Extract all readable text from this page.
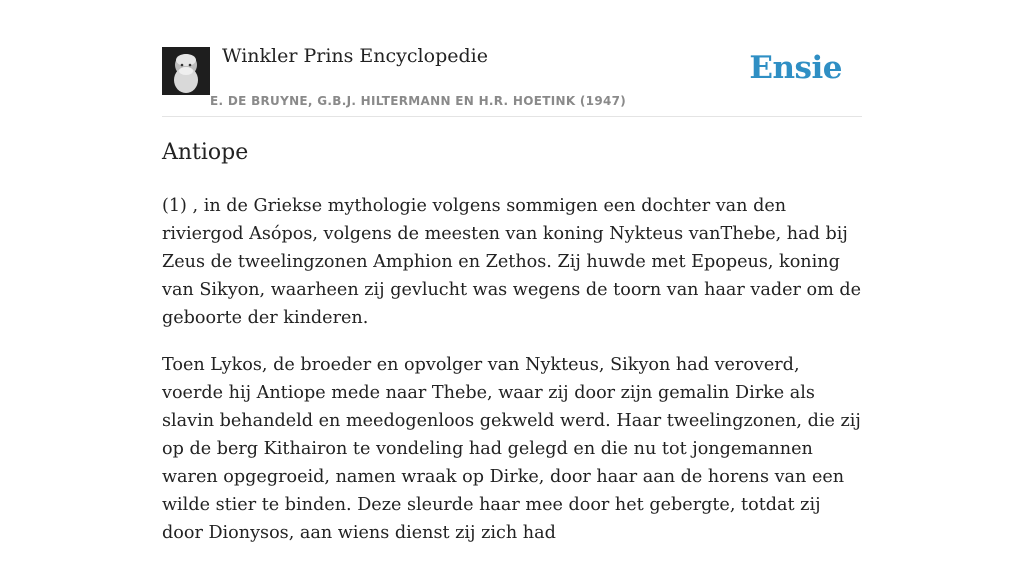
Winkler Prins Encyclopedie
E. DE BRUYNE, G.B.J. HILTERMANN EN H.R. HOETINK (1947)
Ensie
Antiope

(1) , in de Griekse mythologie volgens sommigen een dochter van den riviergod Asópos, volgens de meesten van koning Nykteus vanThebe, had bij Zeus de tweelingzonen Amphion en Zethos. Zij huwde met Epopeus, koning van Sikyon, waarheen zij gevlucht was wegens de toorn van haar vader om de geboorte der kinderen.

Toen Lykos, de broeder en opvolger van Nykteus, Sikyon had veroverd, voerde hij Antiope mede naar Thebe, waar zij door zijn gemalin Dirke als slavin behandeld en meedogenloos gekweld werd. Haar tweelingzonen, die zij op de berg Kithairon te vondeling had gelegd en die nu tot jongemannen waren opgegroeid, namen wraak op Dirke, door haar aan de horens van een wilde stier te binden. Deze sleurde haar mee door het gebergte, totdat zij door Dionysos, aan wiens dienst zij zich had
